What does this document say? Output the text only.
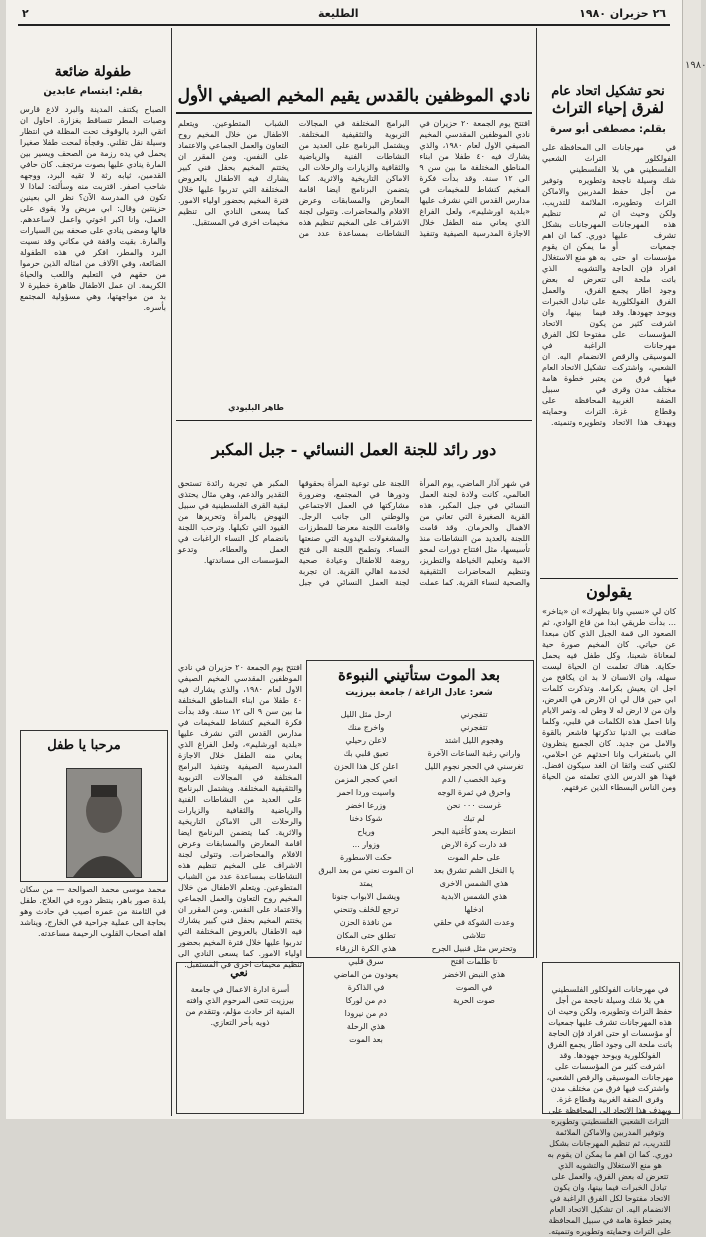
٢	الطليعة	٢٦ حزيران ١٩٨٠
نحو تشكيل اتحاد عام
لفرق إحياء التراث
بقلم: مصطفى أبو سرة
في مهرجانات الفولكلور الفلسطيني هي بلا شك وسيلة ناجحة من أجل حفظ التراث وتطويره، ولكن وحيث ان هذه المهرجانات تشرف عليها جمعيات أو مؤسسات او حتى افراد فإن الحاجة باتت ملحة الى وجود اطار يجمع الفرق الفولكلورية ويوحد جهودها. وقد اشرفت كثير من المؤسسات على مهرجانات الموسيقى والرقص الشعبي، واشتركت فيها فرق من مختلف مدن وقرى الضفة الغربية وقطاع غزة. ويهدف هذا الاتحاد الى المحافظة على التراث الشعبي الفلسطيني وتطويره وتوفير المدربين والاماكن الملائمة للتدريب، ثم تنظيم المهرجانات بشكل دوري. كما ان اهم ما يمكن ان يقوم به هو منع الاستغلال والتشويه الذي تتعرض له بعض الفرق، والعمل على تبادل الخبرات فيما بينها، وان يكون الاتحاد مفتوحا لكل الفرق الراغبة في الانضمام اليه. ان تشكيل الاتحاد العام يعتبر خطوة هامة في سبيل المحافظة على التراث وحمايته وتطويره وتنميته.
نادي الموظفين بالقدس يقيم المخيم الصيفي الأول
افتتح يوم الجمعة ٢٠ حزيران في نادي الموظفين المقدسي المخيم الصيفي الاول لعام ١٩٨٠، والذي يشارك فيه ٤٠ طفلا من ابناء المناطق المختلفة ما بين سن ٩ الى ١٢ سنة. وقد بدأت فكرة المخيم كنشاط للمخيمات في مدارس القدس التي نشرف عليها «بلدية اورشليم»، ولعل الفراغ الذي يعاني منه الطفل خلال الاجازة المدرسية الصيفية وتنفيذ البرامج المختلفة في المجالات التربوية والتثقيفية المختلفة. ويشتمل البرنامج على العديد من النشاطات الفنية والرياضية والثقافية والزيارات والرحلات الى الاماكن التاريخية والاثرية. كما يتضمن البرنامج ايضا اقامة المعارض والمسابقات وعرض الافلام والمحاضرات. وتتولى لجنة الاشراف على المخيم تنظيم هذه النشاطات بمساعدة عدد من الشباب المتطوعين. ويتعلم الاطفال من خلال المخيم روح التعاون والعمل الجماعي والاعتماد على النفس. ومن المقرر ان يختتم المخيم بحفل فني كبير يشارك فيه الاطفال بالعروض المختلفة التي تدربوا عليها خلال فترة المخيم بحضور اولياء الامور. كما يسعى النادي الى تنظيم مخيمات اخرى في المستقبل.
طاهر البلبودي
دور رائد للجنة العمل النسائي - جبل المكبر
في شهر آذار الماضي، يوم المرأة العالمي، كانت ولادة لجنة العمل النسائي في جبل المكبر، هذه القرية الصغيرة التي تعاني من الاهمال والحرمان. وقد قامت اللجنة بالعديد من النشاطات منذ تأسيسها، مثل افتتاح دورات لمحو الامية وتعليم الخياطة والتطريز، وتنظيم المحاضرات التثقيفية والصحية لنساء القرية. كما عملت اللجنة على توعية المرأة بحقوقها ودورها في المجتمع، وضرورة مشاركتها في العمل الاجتماعي والوطني الى جانب الرجل. واقامت اللجنة معرضا للمطرزات والمشغولات اليدوية التي صنعتها النساء. وتطمح اللجنة الى فتح روضة للاطفال وعيادة صحية لخدمة اهالي القرية. ان تجربة لجنة العمل النسائي في جبل المكبر هي تجربة رائدة تستحق التقدير والدعم، وهي مثال يحتذى لبقية القرى الفلسطينية في سبيل النهوض بالمرأة وتحريرها من القيود التي تكبلها. وترحب اللجنة بانضمام كل النساء الراغبات في العمل والعطاء، وتدعو المؤسسات الى مساندتها.
يقولون
كان لي «نسبي وانا بظهرك» ان «يتاخر» ... بدأت طريقي ابدا من قاع الوادي، ثم الصعود الى قمة الجبل الذي كان مبعدا عن حياتي. كان المخيم صورة حية لمعاناة شعبنا، وكل طفل فيه يحمل حكاية. هناك تعلمت ان الحياة ليست سهلة، وان الانسان لا بد ان يكافح من اجل ان يعيش بكرامة. وتذكرت كلمات ابي حين قال لي ان الارض هي العرض، وان من لا ارض له لا وطن له. وتمر الايام وانا احمل هذه الكلمات في قلبي، وكلما ضاقت بي الدنيا تذكرتها فاشعر بالقوة والامل من جديد. كان الجميع ينظرون الي باستغراب وانا احدثهم عن احلامي، لكنني كنت واثقا ان الغد سيكون افضل. فهذا هو الدرس الذي تعلمته من الحياة ومن الناس البسطاء الذين عرفتهم.
بعد الموت ستأتيني النبوءة
شعر: عادل الزاغة / جامعة بيرزيت
ارحل مثل الليل
واخرج منك
لاعلن رحيلي
تعبق قلبي بك
اعلن كل هذا الحزن
انعي كحجر المزمن
واسيت وردا احمر
وزرعا اخضر
شوكا دخنا
ورياح
وزوار ...
حكت الاسطورة
ان الموت نعني من بعد البرق
يمتد
ويشمل الابواب جنونا
ترجع للخلف وتنحني
من نافذة الحزن
تطلق حتى المكان
هذي الكرة الزرقاء
سرق قلبي
يعودون من الماضي
في الذاكرة
دم من لوركا
دم من نيرودا
هذي الرحلة
بعد الموت
تتفجرني
تتفجرني
وهجوم الليل اشتد
واراني رغبة الساعات الآخرة
تغرسني في الحجر نجوم الليل
وعيد الخصب / الدم
واحرق في ثمرة الوجه
غرست ٠٠٠ نحن
لم تبك
انتظرت يعدو كأغنية البحر
قد دارت كرة الارض
على حلم الموت
يا النخل الشم تشرق بعد
هذي الشمس الاخرى
هذي الشمس الابدية
ادخلها
وعدت الشوكة في حلقي
تتلاشى
وتحترس مثل قنبيل الجرح
تا ظلمات افتح
هذي النبض الاخضر
في الصوت
صوت الحرية

افتتح يوم الجمعة ٢٠ حزيران في نادي الموظفين المقدسي المخيم الصيفي الاول لعام ١٩٨٠، والذي يشارك فيه ٤٠ طفلا من ابناء المناطق المختلفة ما بين سن ٩ الى ١٢ سنة. وقد بدأت فكرة المخيم كنشاط للمخيمات في مدارس القدس التي نشرف عليها «بلدية اورشليم»، ولعل الفراغ الذي يعاني منه الطفل خلال الاجازة المدرسية الصيفية وتنفيذ البرامج المختلفة في المجالات التربوية والتثقيفية المختلفة. ويشتمل البرنامج على العديد من النشاطات الفنية والرياضية والثقافية والزيارات والرحلات الى الاماكن التاريخية والاثرية. كما يتضمن البرنامج ايضا اقامة المعارض والمسابقات وعرض الافلام والمحاضرات. وتتولى لجنة الاشراف على المخيم تنظيم هذه النشاطات بمساعدة عدد من الشباب المتطوعين. ويتعلم الاطفال من خلال المخيم روح التعاون والعمل الجماعي والاعتماد على النفس. ومن المقرر ان يختتم المخيم بحفل فني كبير يشارك فيه الاطفال بالعروض المختلفة التي تدربوا عليها خلال فترة المخيم بحضور اولياء الامور. كما يسعى النادي الى تنظيم مخيمات اخرى في المستقبل.

طفولة ضائعة
بقلم: ابتسام عابدين
الصباح يكتنف المدينة والبرد لاذع قارس وصبات المطر تتساقط بغزارة. احاول ان اتقي البرد بالوقوف تحت المظلة في انتظار وسيلة نقل تقلني. وفجأة لمحت طفلا صغيرا يحمل في يده رزمة من الصحف ويسير بين المارة ينادي عليها بصوت مرتجف. كان حافي القدمين، ثيابه رثة لا تقيه البرد، ووجهه شاحب اصفر. اقتربت منه وسألته: لماذا لا تكون في المدرسة الآن؟ نظر الي بعينين حزينتين وقال: ابي مريض ولا يقوى على العمل، وانا اكبر اخوتي واعمل لاساعدهم. قالها ومضى ينادي على صحفه بين السيارات والمارة. بقيت واقفة في مكاني وقد نسيت البرد والمطر، افكر في هذه الطفولة الضائعة، وفي الآلاف من امثاله الذين حرموا من حقهم في التعليم واللعب والحياة الكريمة. ان عمل الاطفال ظاهرة خطيرة لا بد من مواجهتها، وهي مسؤولية المجتمع بأسره.
مرحبا يا طفل
محمد موسى محمد الصوالحة — من سكان بلدة صور باهر، ينتظر دوره في العلاج. طفل في الثامنة من عمره أصيب في حادث وهو بحاجة الى عملية جراحية في الخارج، ويناشد اهله اصحاب القلوب الرحيمة مساعدته.
نعي
أسرة ادارة الاعمال في جامعة بيرزيت تنعى المرحوم الذي وافته المنية اثر حادث مؤلم، وتتقدم من ذويه بأحر التعازي.
في مهرجانات الفولكلور الفلسطيني هي بلا شك وسيلة ناجحة من أجل حفظ التراث وتطويره، ولكن وحيث ان هذه المهرجانات تشرف عليها جمعيات أو مؤسسات او حتى افراد فإن الحاجة باتت ملحة الى وجود اطار يجمع الفرق الفولكلورية ويوحد جهودها. وقد اشرفت كثير من المؤسسات على مهرجانات الموسيقى والرقص الشعبي، واشتركت فيها فرق من مختلف مدن وقرى الضفة الغربية وقطاع غزة. ويهدف هذا الاتحاد الى المحافظة على التراث الشعبي الفلسطيني وتطويره وتوفير المدربين والاماكن الملائمة للتدريب، ثم تنظيم المهرجانات بشكل دوري. كما ان اهم ما يمكن ان يقوم به هو منع الاستغلال والتشويه الذي تتعرض له بعض الفرق، والعمل على تبادل الخبرات فيما بينها، وان يكون الاتحاد مفتوحا لكل الفرق الراغبة في الانضمام اليه. ان تشكيل الاتحاد العام يعتبر خطوة هامة في سبيل المحافظة على التراث وحمايته وتطويره وتنميته.
١٩٨٠
